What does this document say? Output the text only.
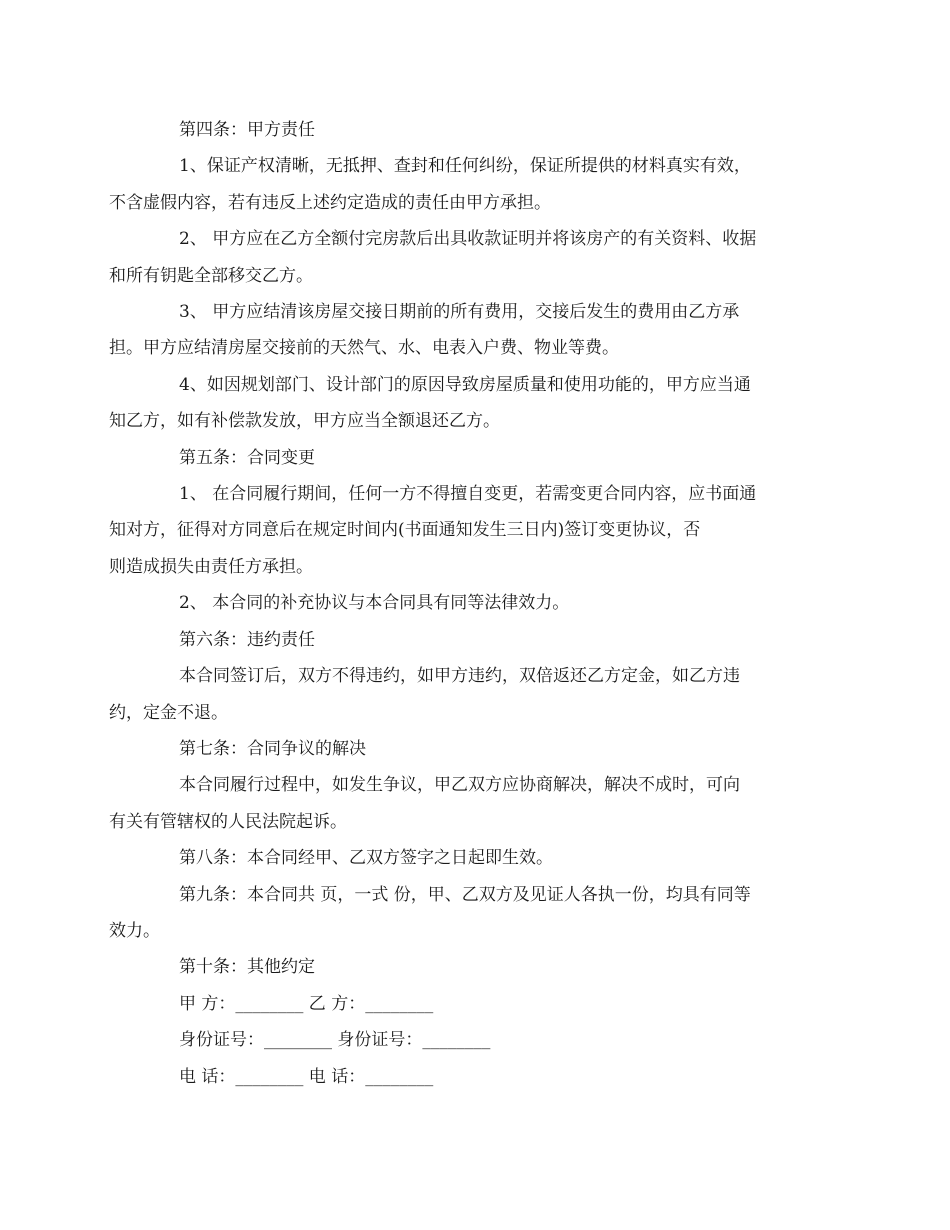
第四条：甲方责任

1、保证产权清晰，无抵押、查封和任何纠纷，保证所提供的材料真实有效，
不含虚假内容，若有违反上述约定造成的责任由甲方承担。

2、 甲方应在乙方全额付完房款后出具收款证明并将该房产的有关资料、收据
和所有钥匙全部移交乙方。

3、 甲方应结清该房屋交接日期前的所有费用，交接后发生的费用由乙方承
担。甲方应结清房屋交接前的天然气、水、电表入户费、物业等费。

4、如因规划部门、设计部门的原因导致房屋质量和使用功能的，甲方应当通
知乙方，如有补偿款发放，甲方应当全额退还乙方。

第五条：合同变更

1、 在合同履行期间，任何一方不得擅自变更，若需变更合同内容，应书面通
知对方，征得对方同意后在规定时间内(书面通知发生三日内)签订变更协议，否
则造成损失由责任方承担。

2、 本合同的补充协议与本合同具有同等法律效力。

第六条：违约责任

本合同签订后，双方不得违约，如甲方违约，双倍返还乙方定金，如乙方违
约，定金不退。

第七条：合同争议的解决

本合同履行过程中，如发生争议，甲乙双方应协商解决，解决不成时，可向
有关有管辖权的人民法院起诉。

第八条：本合同经甲、乙双方签字之日起即生效。

第九条：本合同共 页，一式 份，甲、乙双方及见证人各执一份，均具有同等
效力。

第十条：其他约定

甲 方：________ 乙 方：________

身份证号：________ 身份证号：________

电 话：________ 电 话：________
